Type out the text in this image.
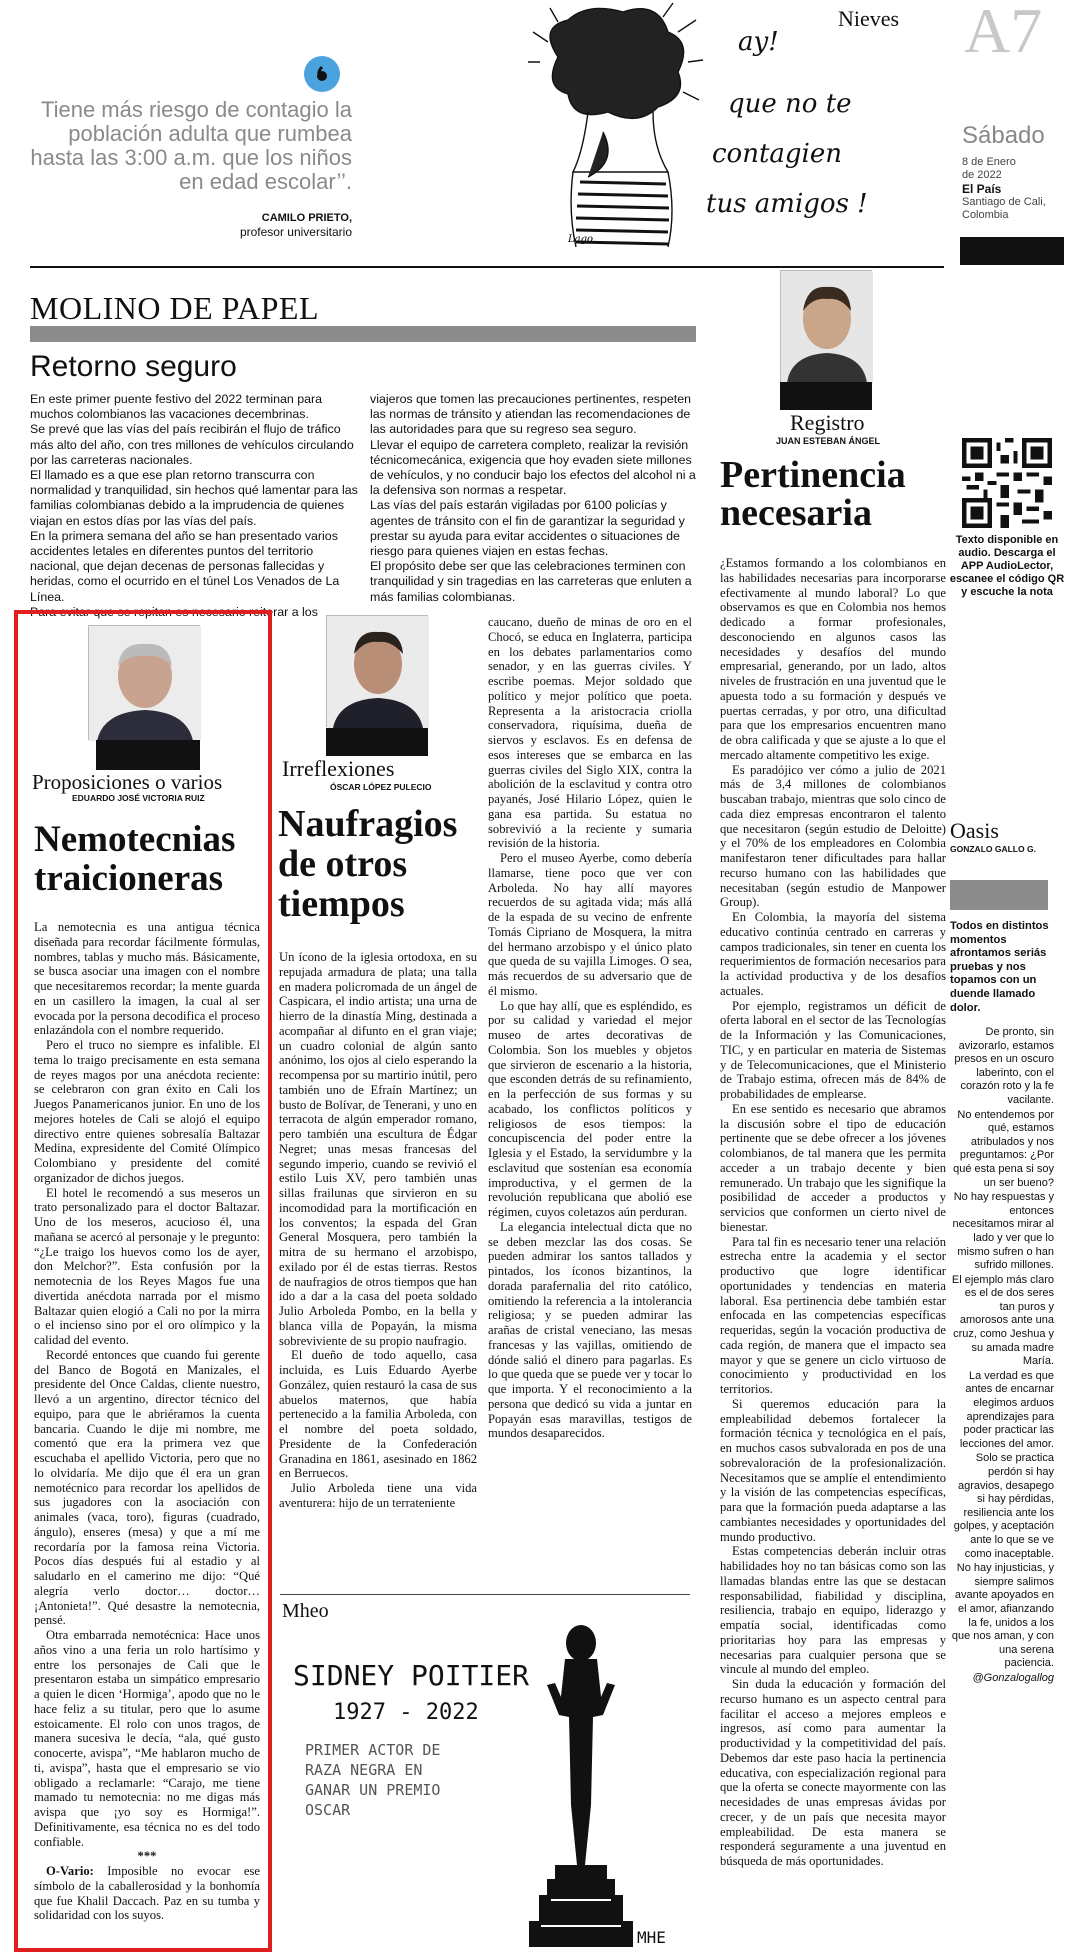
Tiene más riesgo de contagio la población adulta que rumbea hasta las 3:00 a.m. que los niños en edad escolar’’.
CAMILO PRIETO,
profesor universitario
Lago
ay!
que no te
contagien
tus amigos !
Nieves A7
Sábado
8 de Enero
de 2022
El País
Santiago de Cali,
Colombia
MOLINO DE PAPEL
Retorno seguro

En este primer puente festivo del 2022 terminan para muchos colombianos las vacaciones decembrinas.

Se prevé que las vías del país recibirán el flujo de tráfico más alto del año, con tres millones de vehículos circulando por las carreteras nacionales.

El llamado es a que ese plan retorno transcurra con normalidad y tranquilidad, sin hechos qué lamentar para las familias colombianas debido a la imprudencia de quienes viajan en estos días por las vías del país.

En la primera semana del año se han presentado varios accidentes letales en diferentes puntos del territorio nacional, que dejan decenas de personas fallecidas y heridas, como el ocurrido en el túnel Los Venados de La Línea.

Para evitar que se repitan es necesario reiterar a los

viajeros que tomen las precauciones pertinentes, respeten las normas de tránsito y atiendan las recomendaciones de las autoridades para que su regreso sea seguro.

Llevar el equipo de carretera completo, realizar la revisión técnicomecánica, exigencia que hoy evaden siete millones de vehículos, y no conducir bajo los efectos del alcohol ni a la defensiva son normas a respetar.

Las vías del país estarán vigiladas por 6100 policías y agentes de tránsito con el fin de garantizar la seguridad y prestar su ayuda para evitar accidentes o situaciones de riesgo para quienes viajen en estas fechas.

El propósito debe ser que las celebraciones terminen con tranquilidad y sin tragedias en las carreteras que enluten a más familias colombianas.

Registro
JUAN ESTEBAN ÁNGEL
Pertinencia necesaria

¿Estamos formando a los colombianos en las habilidades necesarias para incorporarse efectivamente al mundo laboral? Lo que observamos es que en Colombia nos hemos dedicado a formar profesionales, desconociendo en algunos casos las necesidades y desafíos del mundo empresarial, generando, por un lado, altos niveles de frustración en una juventud que le apuesta todo a su formación y después ve puertas cerradas, y por otro, una dificultad para que los empresarios encuentren mano de obra calificada y que se ajuste a lo que el mercado altamente competitivo les exige.

Es paradójico ver cómo a julio de 2021 más de 3,4 millones de colombianos buscaban trabajo, mientras que solo cinco de cada diez empresas encontraron el talento que necesitaron (según estudio de Deloitte) y el 70% de los empleadores en Colombia manifestaron tener dificultades para hallar recurso humano con las habilidades que necesitaban (según estudio de Manpower Group).

En Colombia, la mayoría del sistema educativo continúa centrado en carreras y campos tradicionales, sin tener en cuenta los requerimientos de formación necesarios para la actividad productiva y de los desafíos actuales.

Por ejemplo, registramos un déficit de oferta laboral en el sector de las Tecnologías de la Información y las Comunicaciones, TIC, y en particular en materia de Sistemas y de Telecomunicaciones, que el Ministerio de Trabajo estima, ofrecen más de 84% de probabilidades de emplearse.

En ese sentido es necesario que abramos la discusión sobre el tipo de educación pertinente que se debe ofrecer a los jóvenes colombianos, de tal manera que les permita acceder a un trabajo decente y bien remunerado. Un trabajo que les signifique la posibilidad de acceder a productos y servicios que conformen un cierto nivel de bienestar.

Para tal fin es necesario tener una relación estrecha entre la academia y el sector productivo que logre identificar oportunidades y tendencias en materia laboral. Esa pertinencia debe también estar enfocada en las competencias específicas requeridas, según la vocación productiva de cada región, de manera que el impacto sea mayor y que se genere un ciclo virtuoso de conocimiento y productividad en los territorios.

Si queremos educación para la empleabilidad debemos fortalecer la formación técnica y tecnológica en el país, en muchos casos subvalorada en pos de una sobrevaloración de la profesionalización. Necesitamos que se amplíe el entendimiento y la visión de las competencias específicas, para que la formación pueda adaptarse a las cambiantes necesidades y oportunidades del mundo productivo.

Estas competencias deberán incluir otras habilidades hoy no tan básicas como son las llamadas blandas entre las que se destacan responsabilidad, fiabilidad y disciplina, resiliencia, trabajo en equipo, liderazgo y empatía social, identificadas como prioritarias hoy para las empresas y necesarias para cualquier persona que se vincule al mundo del empleo.

Sin duda la educación y formación del recurso humano es un aspecto central para facilitar el acceso a mejores empleos e ingresos, así como para aumentar la productividad y la competitividad del país. Debemos dar este paso hacia la pertinencia educativa, con especialización regional para que la oferta se conecte mayormente con las necesidades de unas empresas ávidas por crecer, y de un país que necesita mayor empleabilidad. De esta manera se responderá seguramente a una juventud en búsqueda de más oportunidades.

Texto disponible en audio. Descarga el APP AudioLector, escanee el código QR y escuche la nota
Oasis
GONZALO GALLO G.
Todos en distintos momentos afrontamos seriás pruebas y nos topamos con un duende llamado dolor.

De pronto, sin avizorarlo, estamos presos en un oscuro laberinto, con el corazón roto y la fe vacilante.

No entendemos por qué, estamos atribulados y nos preguntamos: ¿Por qué esta pena si soy un ser bueno?

No hay respuestas y entonces necesitamos mirar al lado y ver que lo mismo sufren o han sufrido millones.

El ejemplo más claro es el de dos seres tan puros y amorosos ante una cruz, como Jeshua y su amada madre María.

La verdad es que antes de encarnar elegimos arduos aprendizajes para poder practicar las lecciones del amor.

Solo se practica perdón si hay agravios, desapego si hay pérdidas, resiliencia ante los golpes, y aceptación ante lo que se ve como inaceptable.

No hay injusticias, y siempre salimos avante apoyados en el amor, afianzando la fe, unidos a los que nos aman, y con una serena paciencia.

@Gonzalogallog

Proposiciones o varios
EDUARDO JOSÉ VICTORIA RUIZ
Nemotecnias traicioneras

La nemotecnia es una antigua técnica diseñada para recordar fácilmente fórmulas, nombres, tablas y mucho más. Básicamente, se busca asociar una imagen con el nombre que necesitaremos recordar; la mente guarda en un casillero la imagen, la cual al ser evocada por la persona decodifica el proceso enlazándola con el nombre requerido.

Pero el truco no siempre es infalible. El tema lo traigo precisamente en esta semana de reyes magos por una anécdota reciente: se celebraron con gran éxito en Cali los Juegos Panamericanos junior. En uno de los mejores hoteles de Cali se alojó el equipo directivo entre quienes sobresalía Baltazar Medina, expresidente del Comité Olímpico Colombiano y presidente del comité organizador de dichos juegos.

El hotel le recomendó a sus meseros un trato personalizado para el doctor Baltazar. Uno de los meseros, acucioso él, una mañana se acercó al personaje y le pregunto: “¿Le traigo los huevos como los de ayer, don Melchor?”. Esta confusión por la nemotecnia de los Reyes Magos fue una divertida anécdota narrada por el mismo Baltazar quien elogió a Cali no por la mirra o el incienso sino por el oro olímpico y la calidad del evento.

Recordé entonces que cuando fui gerente del Banco de Bogotá en Manizales, el presidente del Once Caldas, cliente nuestro, llevó a un argentino, director técnico del equipo, para que le abriéramos la cuenta bancaria. Cuando le dije mi nombre, me comentó que era la primera vez que escuchaba el apellido Victoria, pero que no lo olvidaría. Me dijo que él era un gran nemotécnico para recordar los apellidos de sus jugadores con la asociación con animales (vaca, toro), figuras (cuadrado, ángulo), enseres (mesa) y que a mí me recordaría por la famosa reina Victoria. Pocos días después fui al estadio y al saludarlo en el camerino me dijo: “Qué alegría verlo doctor… doctor… ¡Antonieta!”. Qué desastre la nemotecnia, pensé.

Otra embarrada nemotécnica: Hace unos años vino a una feria un rolo hartísimo y entre los personajes de Cali que le presentaron estaba un simpático empresario a quien le dicen ‘Hormiga’, apodo que no le hace feliz a su titular, pero que lo asume estoicamente. El rolo con unos tragos, de manera sucesiva le decía, “ala, qué gusto conocerte, avispa”, “Me hablaron mucho de ti, avispa”, hasta que el empresario se vio obligado a reclamarle: “Carajo, me tiene mamado tu nemotecnia: no me digas más avispa que ¡yo soy es Hormiga!”. Definitivamente, esa técnica no es del todo confiable.

***

O-Vario: Imposible no evocar ese símbolo de la caballerosidad y la bonhomía que fue Khalil Daccach. Paz en su tumba y solidaridad con los suyos.

Irreflexiones
ÓSCAR LÓPEZ PULECIO
Naufragios de otros tiempos

Un ícono de la iglesia ortodoxa, en su repujada armadura de plata; una talla en madera policromada de un ángel de Caspicara, el indio artista; una urna de hierro de la dinastía Ming, destinada a acompañar al difunto en el gran viaje; un cuadro colonial de algún santo anónimo, los ojos al cielo esperando la recompensa por su martirio inútil, pero también uno de Efraín Martínez; un busto de Bolívar, de Tenerani, y uno en terracota de algún emperador romano, pero también una escultura de Édgar Negret; unas mesas francesas del segundo imperio, cuando se revivió el estilo Luis XV, pero también unas sillas frailunas que sirvieron en su incomodidad para la mortificación en los conventos; la espada del Gran General Mosquera, pero también la mitra de su hermano el arzobispo, exilado por él de estas tierras. Restos de naufragios de otros tiempos que han ido a dar a la casa del poeta soldado Julio Arboleda Pombo, en la bella y blanca villa de Popayán, la misma sobreviviente de su propio naufragio.

El dueño de todo aquello, casa incluida, es Luis Eduardo Ayerbe González, quien restauró la casa de sus abuelos maternos, que había pertenecido a la familia Arboleda, con el nombre del poeta soldado, Presidente de la Confederación Granadina en 1861, asesinado en 1862 en Berruecos.

Julio Arboleda tiene una vida aventurera: hijo de un terrateniente

caucano, dueño de minas de oro en el Chocó, se educa en Inglaterra, participa en los debates parlamentarios como senador, y en las guerras civiles. Y escribe poemas. Mejor soldado que político y mejor político que poeta. Representa a la aristocracia criolla conservadora, riquísima, dueña de siervos y esclavos. Es en defensa de esos intereses que se embarca en las guerras civiles del Siglo XIX, contra la abolición de la esclavitud y contra otro payanés, José Hilario López, quien le gana esa partida. Su estatua no sobrevivió a la reciente y sumaria revisión de la historia.

Pero el museo Ayerbe, como debería llamarse, tiene poco que ver con Arboleda. No hay allí mayores recuerdos de su agitada vida; más allá de la espada de su vecino de enfrente Tomás Cipriano de Mosquera, la mitra del hermano arzobispo y el único plato que queda de su vajilla Limoges. O sea, más recuerdos de su adversario que de él mismo.

Lo que hay allí, que es espléndido, es por su calidad y variedad el mejor museo de artes decorativas de Colombia. Son los muebles y objetos que sirvieron de escenario a la historia, que esconden detrás de su refinamiento, en la perfección de sus formas y su acabado, los conflictos políticos y religiosos de esos tiempos: la concupiscencia del poder entre la Iglesia y el Estado, la servidumbre y la esclavitud que sostenían esa economía improductiva, y el germen de la revolución republicana que abolió ese régimen, cuyos coletazos aún perduran.

La elegancia intelectual dicta que no se deben mezclar las dos cosas. Se pueden admirar los santos tallados y pintados, los íconos bizantinos, la dorada parafernalia del rito católico, omitiendo la referencia a la intolerancia religiosa; y se pueden admirar las arañas de cristal veneciano, las mesas francesas y las vajillas, omitiendo de dónde salió el dinero para pagarlas. Es lo que queda que se puede ver y tocar lo que importa. Y el reconocimiento a la persona que dedicó su vida a juntar en Popayán esas maravillas, testigos de mundos desaparecidos.

Mheo
SIDNEY POITIER
1927 - 2022
PRIMER ACTOR DE
RAZA NEGRA EN
GANAR UN PREMIO
OSCAR
MHE
